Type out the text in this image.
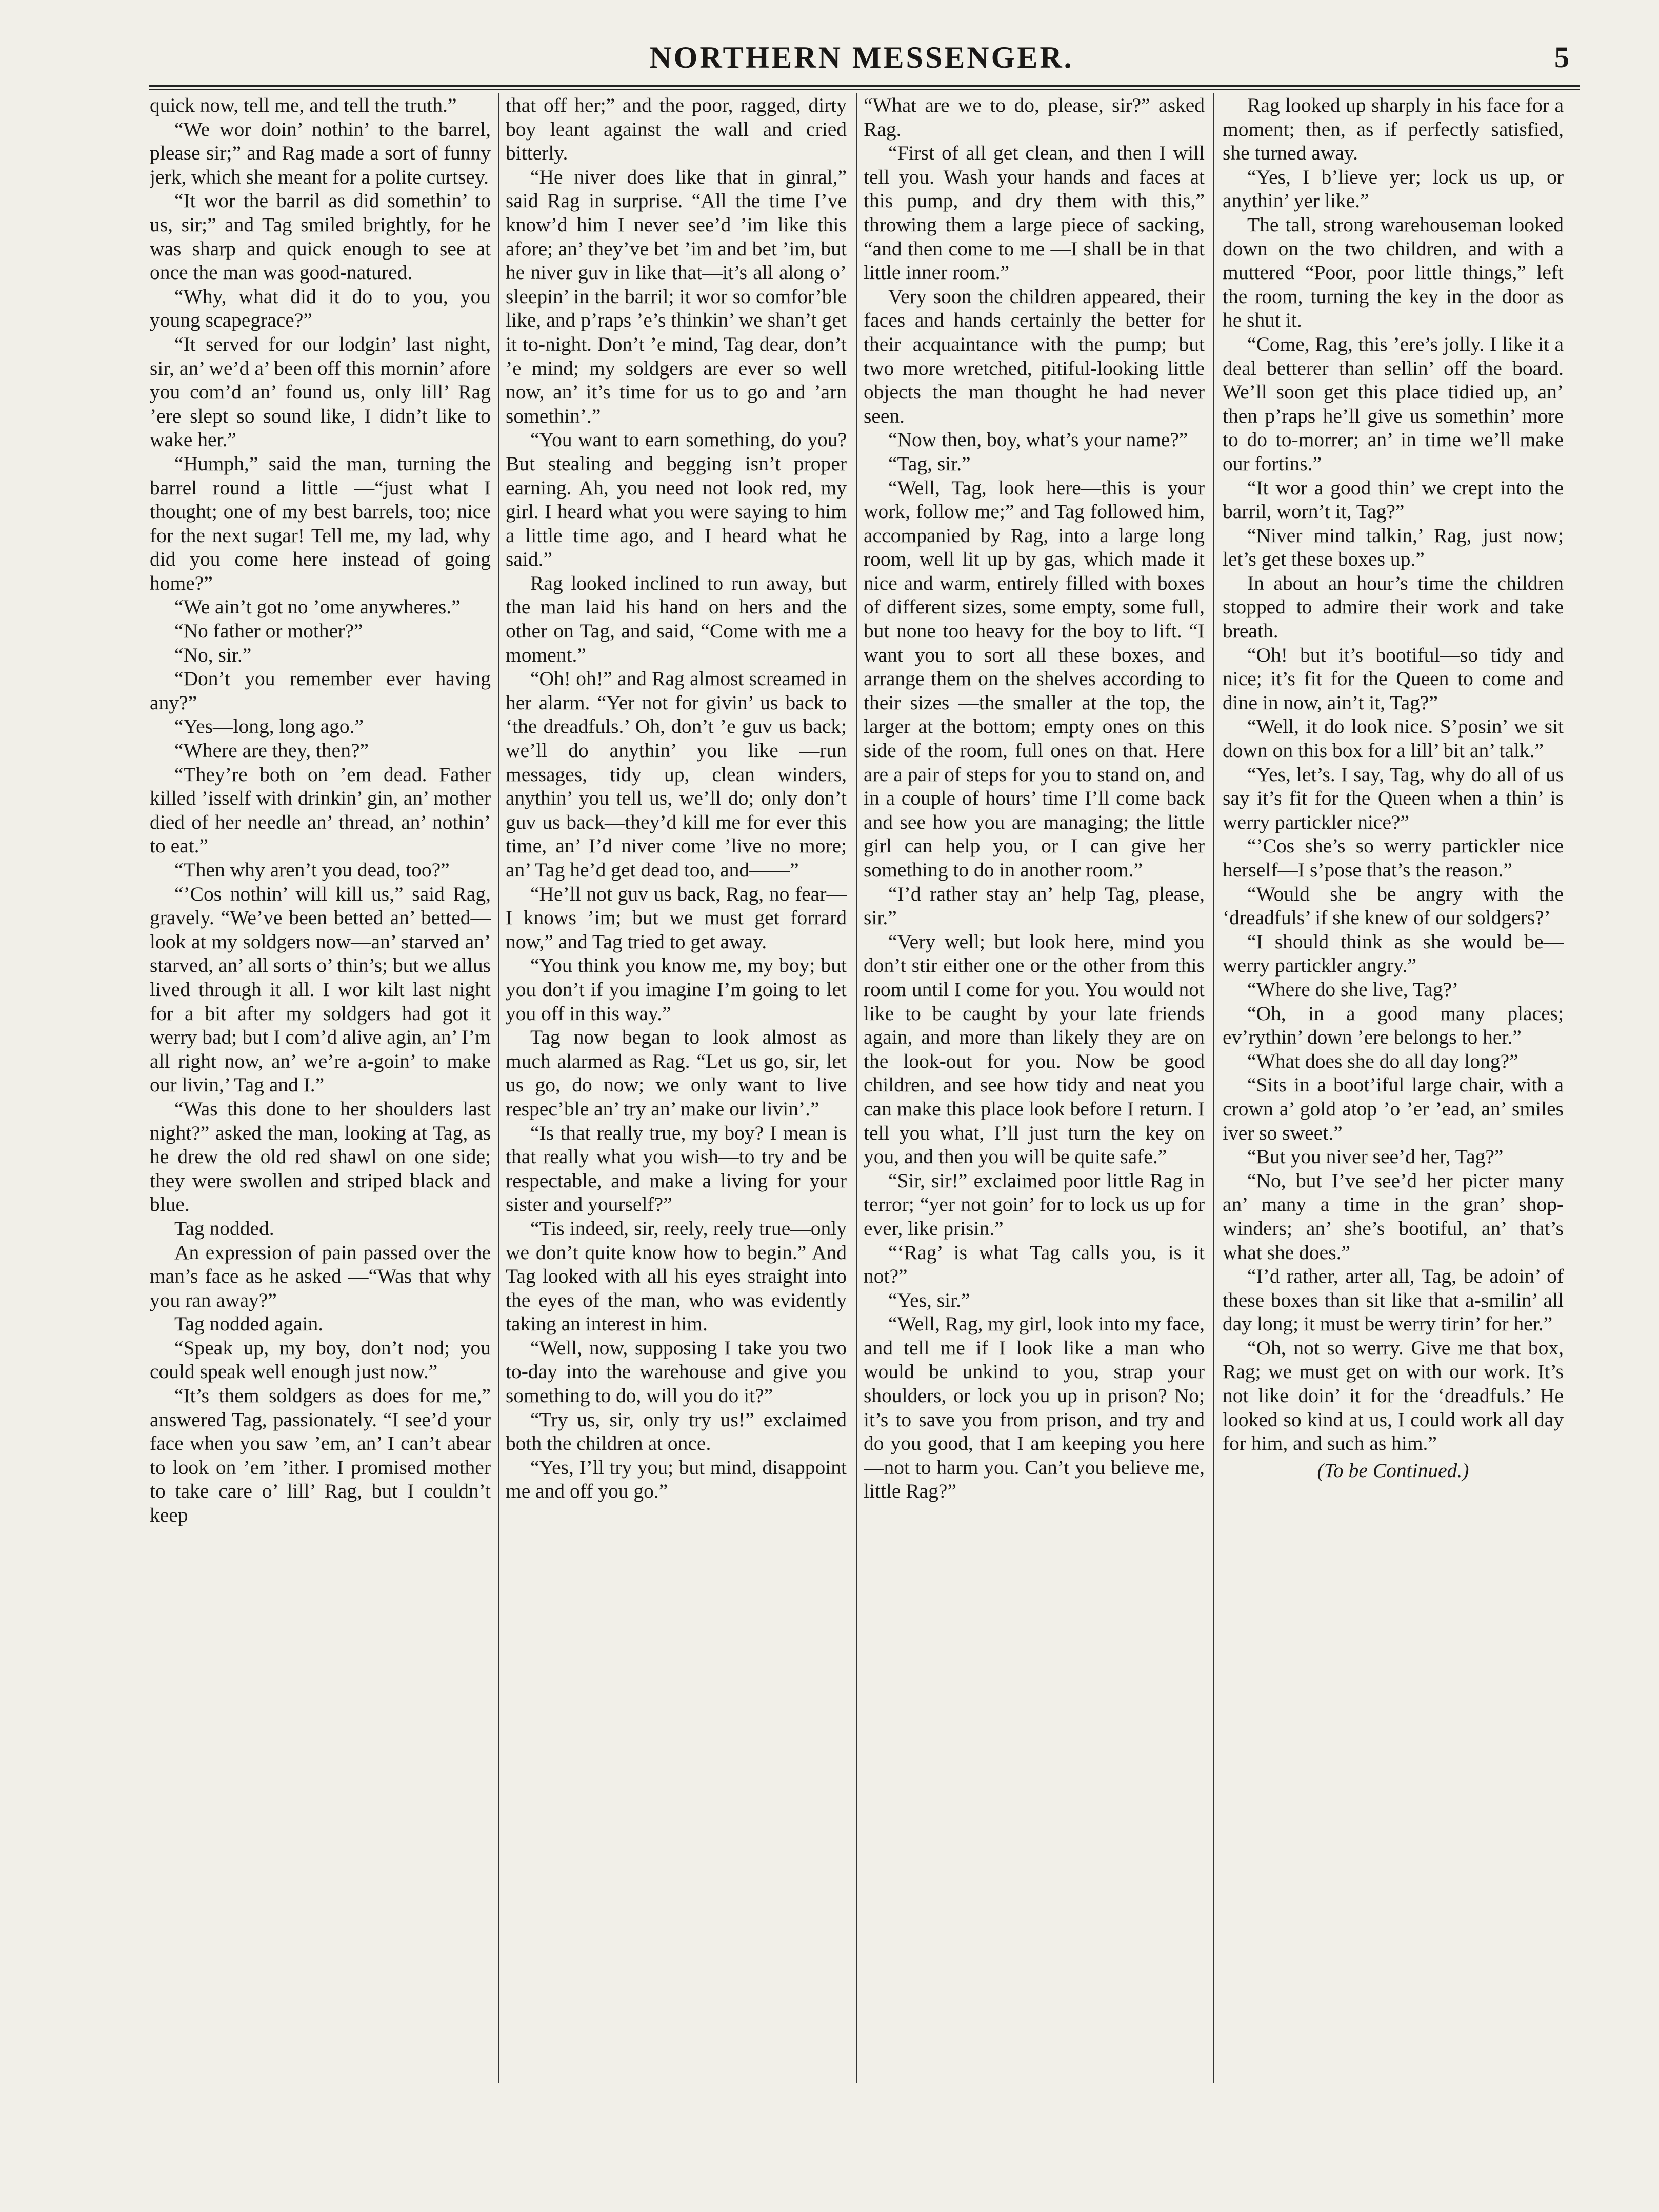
NORTHERN MESSENGER.	5

quick now, tell me, and tell the truth.”

“We wor doin’ nothin’ to the barrel, please sir;” and Rag made a sort of funny jerk, which she meant for a polite curtsey.

“It wor the barril as did somethin’ to us, sir;” and Tag smiled brightly, for he was sharp and quick enough to see at once the man was good-natured.

“Why, what did it do to you, you young scapegrace?”

“It served for our lodgin’ last night, sir, an’ we’d a’ been off this mornin’ afore you com’d an’ found us, only lill’ Rag ’ere slept so sound like, I didn’t like to wake her.”

“Humph,” said the man, turning the barrel round a little —“just what I thought; one of my best barrels, too; nice for the next sugar! Tell me, my lad, why did you come here instead of going home?”

“We ain’t got no ’ome anywheres.”

“No father or mother?”

“No, sir.”

“Don’t you remember ever having any?”

“Yes—long, long ago.”

“Where are they, then?”

“They’re both on ’em dead. Father killed ’isself with drinkin’ gin, an’ mother died of her needle an’ thread, an’ nothin’ to eat.”

“Then why aren’t you dead, too?”

“’Cos nothin’ will kill us,” said Rag, gravely. “We’ve been betted an’ betted—look at my soldgers now—an’ starved an’ starved, an’ all sorts o’ thin’s; but we allus lived through it all. I wor kilt last night for a bit after my soldgers had got it werry bad; but I com’d alive agin, an’ I’m all right now, an’ we’re a-goin’ to make our livin,’ Tag and I.”

“Was this done to her shoulders last night?” asked the man, looking at Tag, as he drew the old red shawl on one side; they were swollen and striped black and blue.

Tag nodded.

An expression of pain passed over the man’s face as he asked —“Was that why you ran away?”

Tag nodded again.

“Speak up, my boy, don’t nod; you could speak well enough just now.”

“It’s them soldgers as does for me,” answered Tag, passionately. “I see’d your face when you saw ’em, an’ I can’t abear to look on ’em ’ither. I promised mother to take care o’ lill’ Rag, but I couldn’t keep

that off her;” and the poor, ragged, dirty boy leant against the wall and cried bitterly.

“He niver does like that in ginral,” said Rag in surprise. “All the time I’ve know’d him I never see’d ’im like this afore; an’ they’ve bet ’im and bet ’im, but he niver guv in like that—it’s all along o’ sleepin’ in the barril; it wor so comfor’ble like, and p’raps ’e’s thinkin’ we shan’t get it to-night. Don’t ’e mind, Tag dear, don’t ’e mind; my soldgers are ever so well now, an’ it’s time for us to go and ’arn somethin’.”

“You want to earn something, do you? But stealing and begging isn’t proper earning. Ah, you need not look red, my girl. I heard what you were saying to him a little time ago, and I heard what he said.”

Rag looked inclined to run away, but the man laid his hand on hers and the other on Tag, and said, “Come with me a moment.”

“Oh! oh!” and Rag almost screamed in her alarm. “Yer not for givin’ us back to ‘the dreadfuls.’ Oh, don’t ’e guv us back; we’ll do anythin’ you like —run messages, tidy up, clean winders, anythin’ you tell us, we’ll do; only don’t guv us back—they’d kill me for ever this time, an’ I’d niver come ’live no more; an’ Tag he’d get dead too, and——”

“He’ll not guv us back, Rag, no fear—I knows ’im; but we must get forrard now,” and Tag tried to get away.

“You think you know me, my boy; but you don’t if you imagine I’m going to let you off in this way.”

Tag now began to look almost as much alarmed as Rag. “Let us go, sir, let us go, do now; we only want to live respec’ble an’ try an’ make our livin’.”

“Is that really true, my boy? I mean is that really what you wish—to try and be respectable, and make a living for your sister and yourself?”

“Tis indeed, sir, reely, reely true—only we don’t quite know how to begin.” And Tag looked with all his eyes straight into the eyes of the man, who was evidently taking an interest in him.

“Well, now, supposing I take you two to-day into the warehouse and give you something to do, will you do it?”

“Try us, sir, only try us!” exclaimed both the children at once.

“Yes, I’ll try you; but mind, disappoint me and off you go.”

“What are we to do, please, sir?” asked Rag.

“First of all get clean, and then I will tell you. Wash your hands and faces at this pump, and dry them with this,” throwing them a large piece of sacking, “and then come to me —I shall be in that little inner room.”

Very soon the children appeared, their faces and hands certainly the better for their acquaintance with the pump; but two more wretched, pitiful-looking little objects the man thought he had never seen.

“Now then, boy, what’s your name?”

“Tag, sir.”

“Well, Tag, look here—this is your work, follow me;” and Tag followed him, accompanied by Rag, into a large long room, well lit up by gas, which made it nice and warm, entirely filled with boxes of different sizes, some empty, some full, but none too heavy for the boy to lift. “I want you to sort all these boxes, and arrange them on the shelves according to their sizes —the smaller at the top, the larger at the bottom; empty ones on this side of the room, full ones on that. Here are a pair of steps for you to stand on, and in a couple of hours’ time I’ll come back and see how you are managing; the little girl can help you, or I can give her something to do in another room.”

“I’d rather stay an’ help Tag, please, sir.”

“Very well; but look here, mind you don’t stir either one or the other from this room until I come for you. You would not like to be caught by your late friends again, and more than likely they are on the look-out for you. Now be good children, and see how tidy and neat you can make this place look before I return. I tell you what, I’ll just turn the key on you, and then you will be quite safe.”

“Sir, sir!” exclaimed poor little Rag in terror; “yer not goin’ for to lock us up for ever, like prisin.”

“‘Rag’ is what Tag calls you, is it not?”

“Yes, sir.”

“Well, Rag, my girl, look into my face, and tell me if I look like a man who would be unkind to you, strap your shoulders, or lock you up in prison? No; it’s to save you from prison, and try and do you good, that I am keeping you here—not to harm you. Can’t you believe me, little Rag?”

Rag looked up sharply in his face for a moment; then, as if perfectly satisfied, she turned away.

“Yes, I b’lieve yer; lock us up, or anythin’ yer like.”

The tall, strong warehouseman looked down on the two children, and with a muttered “Poor, poor little things,” left the room, turning the key in the door as he shut it.

“Come, Rag, this ’ere’s jolly. I like it a deal betterer than sellin’ off the board. We’ll soon get this place tidied up, an’ then p’raps he’ll give us somethin’ more to do to-morrer; an’ in time we’ll make our fortins.”

“It wor a good thin’ we crept into the barril, worn’t it, Tag?”

“Niver mind talkin,’ Rag, just now; let’s get these boxes up.”

In about an hour’s time the children stopped to admire their work and take breath.

“Oh! but it’s bootiful—so tidy and nice; it’s fit for the Queen to come and dine in now, ain’t it, Tag?”

“Well, it do look nice. S’posin’ we sit down on this box for a lill’ bit an’ talk.”

“Yes, let’s. I say, Tag, why do all of us say it’s fit for the Queen when a thin’ is werry partickler nice?”

“’Cos she’s so werry partickler nice herself—I s’pose that’s the reason.”

“Would she be angry with the ‘dreadfuls’ if she knew of our soldgers?’

“I should think as she would be—werry partickler angry.”

“Where do she live, Tag?’

“Oh, in a good many places; ev’rythin’ down ’ere belongs to her.”

“What does she do all day long?”

“Sits in a boot’iful large chair, with a crown a’ gold atop ’o ’er ’ead, an’ smiles iver so sweet.”

“But you niver see’d her, Tag?”

“No, but I’ve see’d her picter many an’ many a time in the gran’ shop-winders; an’ she’s bootiful, an’ that’s what she does.”

“I’d rather, arter all, Tag, be adoin’ of these boxes than sit like that a-smilin’ all day long; it must be werry tirin’ for her.”

“Oh, not so werry. Give me that box, Rag; we must get on with our work. It’s not like doin’ it for the ‘dreadfuls.’ He looked so kind at us, I could work all day for him, and such as him.”

(To be Continued.)
